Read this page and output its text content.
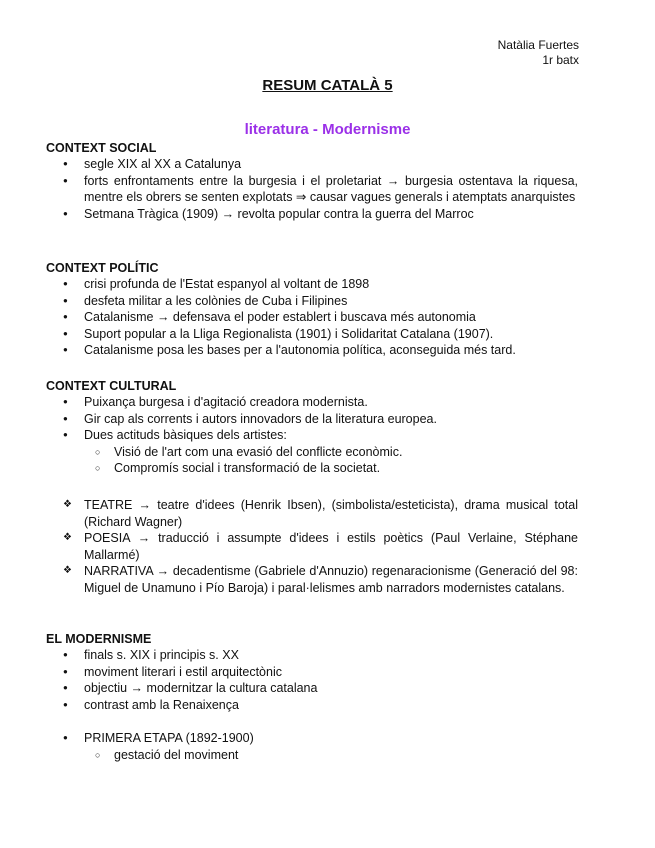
Natàlia Fuertes
1r batx
RESUM CATALÀ 5
literatura - Modernisme

CONTEXT SOCIAL

● segle XIX al XX a Catalunya
● forts enfrontaments entre la burgesia i el proletariat → burgesia ostentava la riquesa, mentre els obrers se senten explotats ⇒ causar vagues generals i atemptats anarquistes
● Setmana Tràgica (1909) → revolta popular contra la guerra del Marroc

CONTEXT POLÍTIC

● crisi profunda de l'Estat espanyol al voltant de 1898
● desfeta militar a les colònies de Cuba i Filipines
● Catalanisme → defensava el poder establert i buscava més autonomia
● Suport popular a la Lliga Regionalista (1901) i Solidaritat Catalana (1907).
● Catalanisme posa les bases per a l'autonomia política, aconseguida més tard.

CONTEXT CULTURAL

● Puixança burgesa i d'agitació creadora modernista.
● Gir cap als corrents i autors innovadors de la literatura europea.
● Dues actituds bàsiques dels artistes:
○ Visió de l'art com una evasió del conflicte econòmic.
○ Compromís social i transformació de la societat.
❖ TEATRE → teatre d'idees (Henrik Ibsen), (simbolista/esteticista), drama musical total (Richard Wagner)
❖ POESIA → traducció i assumpte d'idees i estils poètics (Paul Verlaine, Stéphane Mallarmé)
❖ NARRATIVA → decadentisme (Gabriele d'Annuzio) regenaracionisme (Generació del 98: Miguel de Unamuno i Pío Baroja) i paral·lelismes amb narradors modernistes catalans.

EL MODERNISME

● finals s. XIX i principis s. XX
● moviment literari i estil arquitectònic
● objectiu → modernitzar la cultura catalana
● contrast amb la Renaixença
● PRIMERA ETAPA (1892-1900)
○ gestació del moviment
